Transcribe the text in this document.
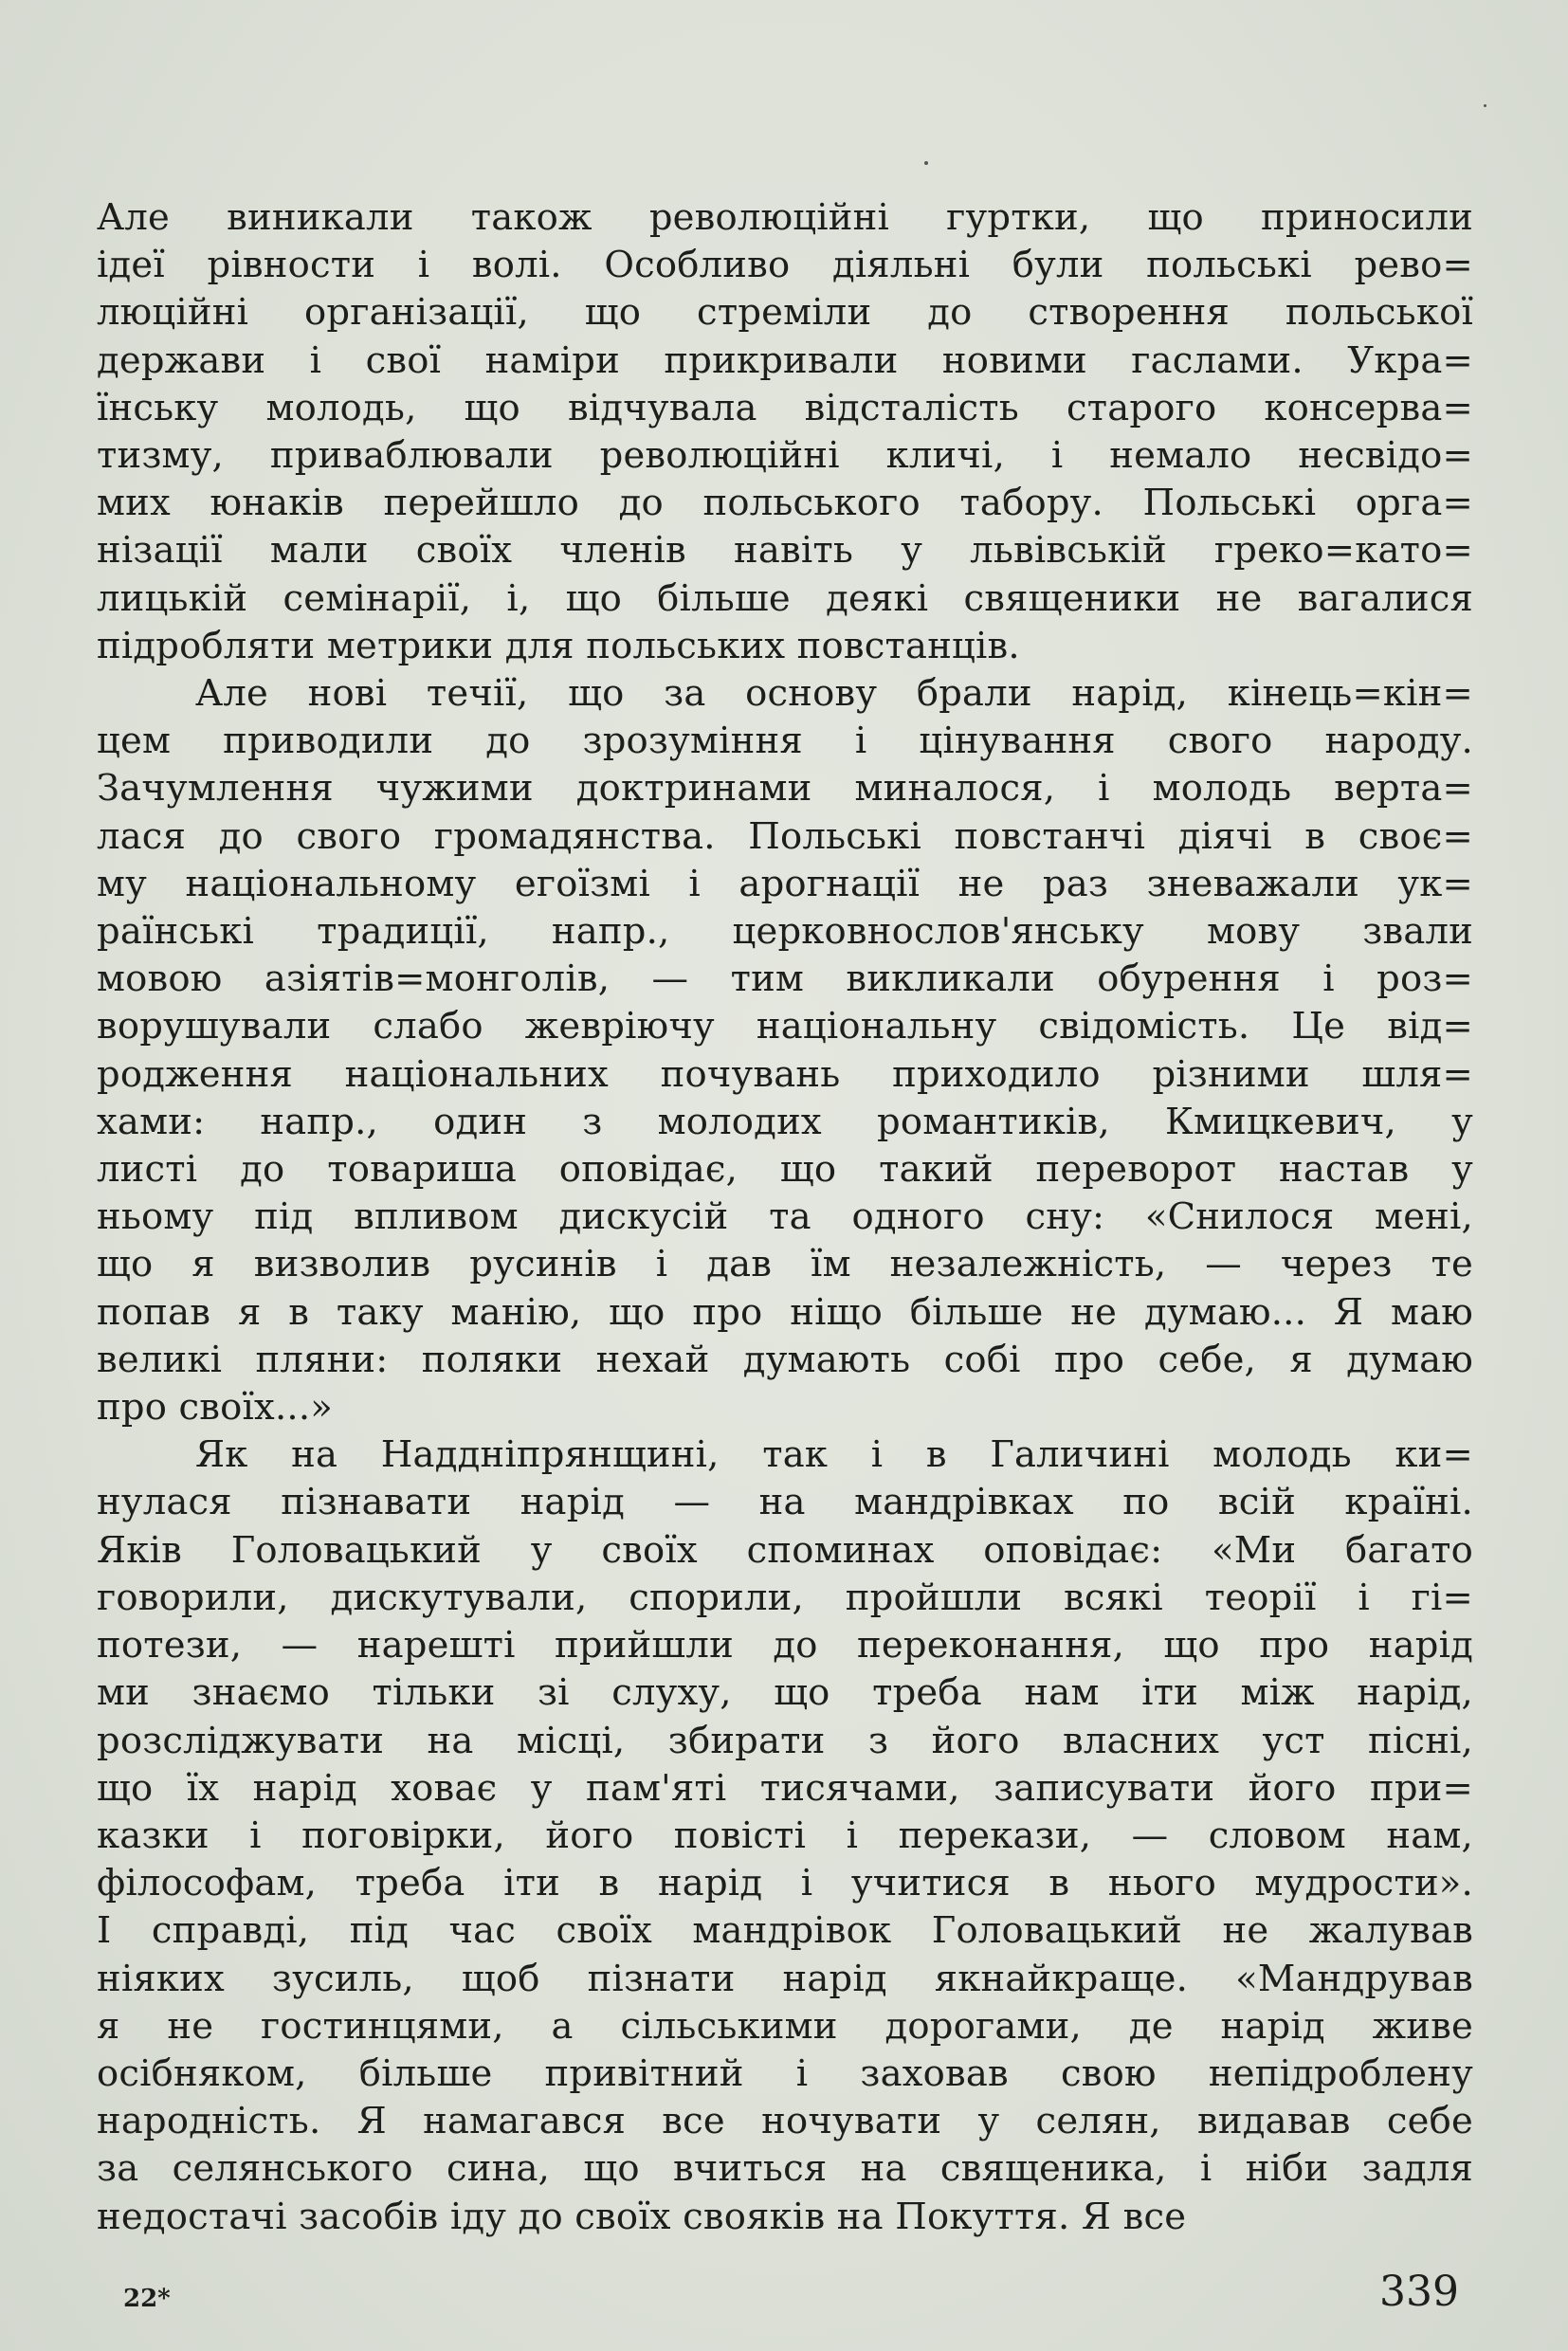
Але виникали також революційні гуртки, що приносили
ідеї рівности і волі. Особливо діяльні були польські рево=
люційні організації, що стреміли до створення польської
держави і свої наміри прикривали новими гаслами. Укра=
їнську молодь, що відчувала відсталість старого консерва=
тизму, приваблювали революційні кличі, і немало несвідо=
мих юнаків перейшло до польського табору. Польські орга=
нізації мали своїх членів навіть у львівській греко=като=
лицькій семінарії, і, що більше деякі священики не вагалися
підробляти метрики для польських повстанців.

Але нові течії, що за основу брали нарід, кінець=кін=
цем приводили до зрозуміння і цінування свого народу.
Зачумлення чужими доктринами миналося, і молодь верта=
лася до свого громадянства. Польські повстанчі діячі в своє=
му національному егоїзмі і арогнації не раз зневажали ук=
раїнські традиції, напр., церковнослов'янську мову звали
мовою азіятів=монголів, — тим викликали обурення і роз=
ворушували слабо жевріючу національну свідомість. Це від=
родження національних почувань приходило різними шля=
хами: напр., один з молодих романтиків, Кмицкевич, у
листі до товариша оповідає, що такий переворот настав у
ньому під впливом дискусій та одного сну: «Снилося мені,
що я визволив русинів і дав їм незалежність, — через те
попав я в таку манію, що про ніщо більше не думаю... Я маю
великі пляни: поляки нехай думають собі про себе, я думаю
про своїх...»

Як на Наддніпрянщині, так і в Галичині молодь ки=
нулася пізнавати нарід — на мандрівках по всій країні.
Яків Головацький у своїх споминах оповідає: «Ми багато
говорили, дискутували, спорили, пройшли всякі теорії і гі=
потези, — нарешті прийшли до переконання, що про нарід
ми знаємо тільки зі слуху, що треба нам іти між нарід,
розсліджувати на місці, збирати з його власних уст пісні,
що їх нарід ховає у пам'яті тисячами, записувати його при=
казки і поговірки, його повісті і перекази, — словом нам,
філософам, треба іти в нарід і учитися в нього мудрости».
І справді, під час своїх мандрівок Головацький не жалував
ніяких зусиль, щоб пізнати нарід якнайкраще. «Мандрував
я не гостинцями, а сільськими дорогами, де нарід живе
осібняком, більше привітний і заховав свою непідроблену
народність. Я намагався все ночувати у селян, видавав себе
за селянського сина, що вчиться на священика, і ніби задля
недостачі засобів іду до своїх свояків на Покуття. Я все

22*	339
